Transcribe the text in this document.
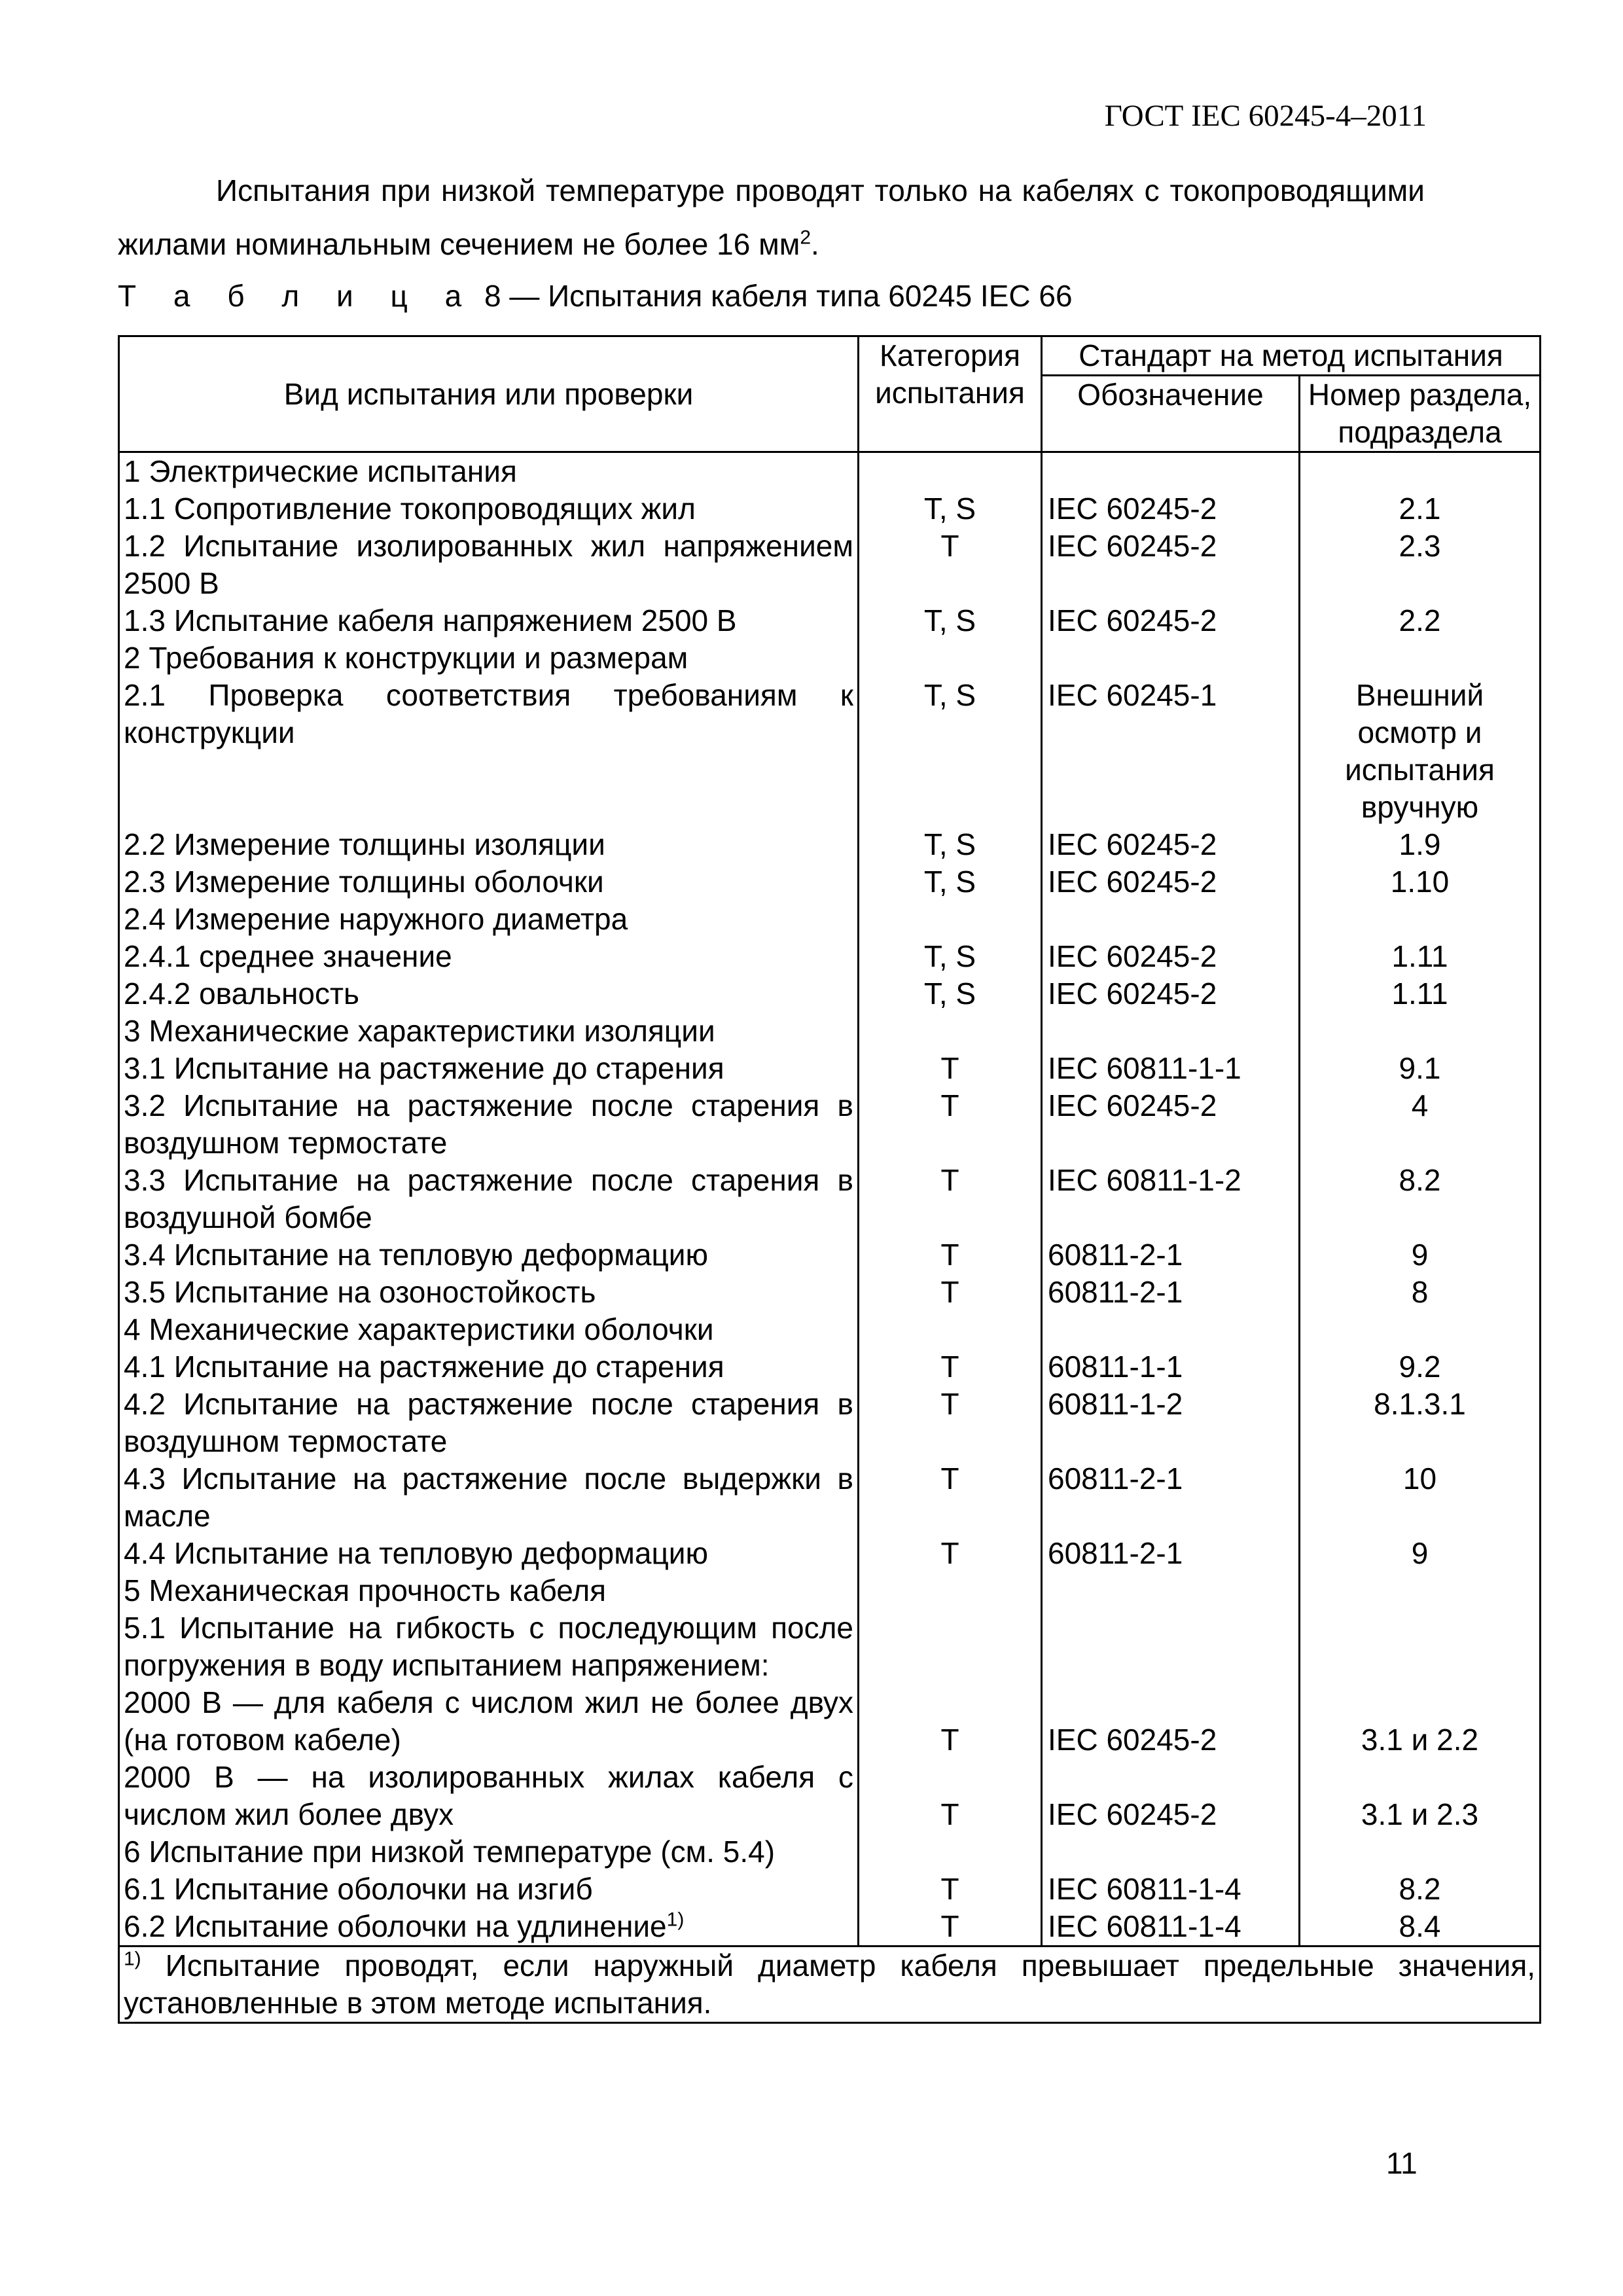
ГОСТ IEC 60245-4–2011

Испытания при низкой температуре проводят только на кабелях с токопроводящими жилами номинальным сечением не более 16 $мм^2$.

Т а б л и ц а 8 — Испытания кабеля типа 60245 IEC 66
Вид испытания или проверки	Категория испытания	Стандарт на метод испытания	
		Обозначение	Номер раздела, подраздела
1 Электрические испытания			
1.1 Сопротивление токопроводящих жил	T, S	IEC 60245-2	2.1
1.2 Испытание изолированных жил напряжением 2500 В	T	IEC 60245-2	2.3
1.3 Испытание кабеля напряжением 2500 В	T, S	IEC 60245-2	2.2
2 Требования к конструкции и размерам			
2.1 Проверка соответствия требованиям к конструкции	T, S	IEC 60245-1	Внешний осмотр и испытания вручную
2.2 Измерение толщины изоляции	T, S	IEC 60245-2	1.9
2.3 Измерение толщины оболочки	T, S	IEC 60245-2	1.10
2.4 Измерение наружного диаметра			
2.4.1 среднее значение	T, S	IEC 60245-2	1.11
2.4.2 овальность	T, S	IEC 60245-2	1.11
3 Механические характеристики изоляции			
3.1 Испытание на растяжение до старения	T	IEC 60811-1-1	9.1
3.2 Испытание на растяжение после старения в воздушном термостате	T	IEC 60245-2	4
3.3 Испытание на растяжение после старения в воздушной бомбе	T	IEC 60811-1-2	8.2
3.4 Испытание на тепловую деформацию	T	60811-2-1	9
3.5 Испытание на озоностойкость	T	60811-2-1	8
4 Механические характеристики оболочки			
4.1 Испытание на растяжение до старения	T	60811-1-1	9.2
4.2 Испытание на растяжение после старения в воздушном термостате	T	60811-1-2	8.1.3.1
4.3 Испытание на растяжение после выдержки в масле	T	60811-2-1	10
4.4 Испытание на тепловую деформацию	T	60811-2-1	9
5 Механическая прочность кабеля			
5.1 Испытание на гибкость с последующим после погружения в воду испытанием напряжением:			
2000 В — для кабеля с числом жил не более двух (на готовом кабеле)	T	IEC 60245-2	3.1 и 2.2
2000 В — на изолированных жилах кабеля с числом жил более двух	T	IEC 60245-2	3.1 и 2.3
6 Испытание при низкой температуре (см. 5.4)			
6.1 Испытание оболочки на изгиб	T	IEC 60811-1-4	8.2
6.2 Испытание оболочки на удлинение$^{1)}$	T	IEC 60811-1-4	8.4
$^{1)}$ Испытание проводят, если наружный диаметр кабеля превышает предельные значения, установленные в этом методе испытания.			
11
